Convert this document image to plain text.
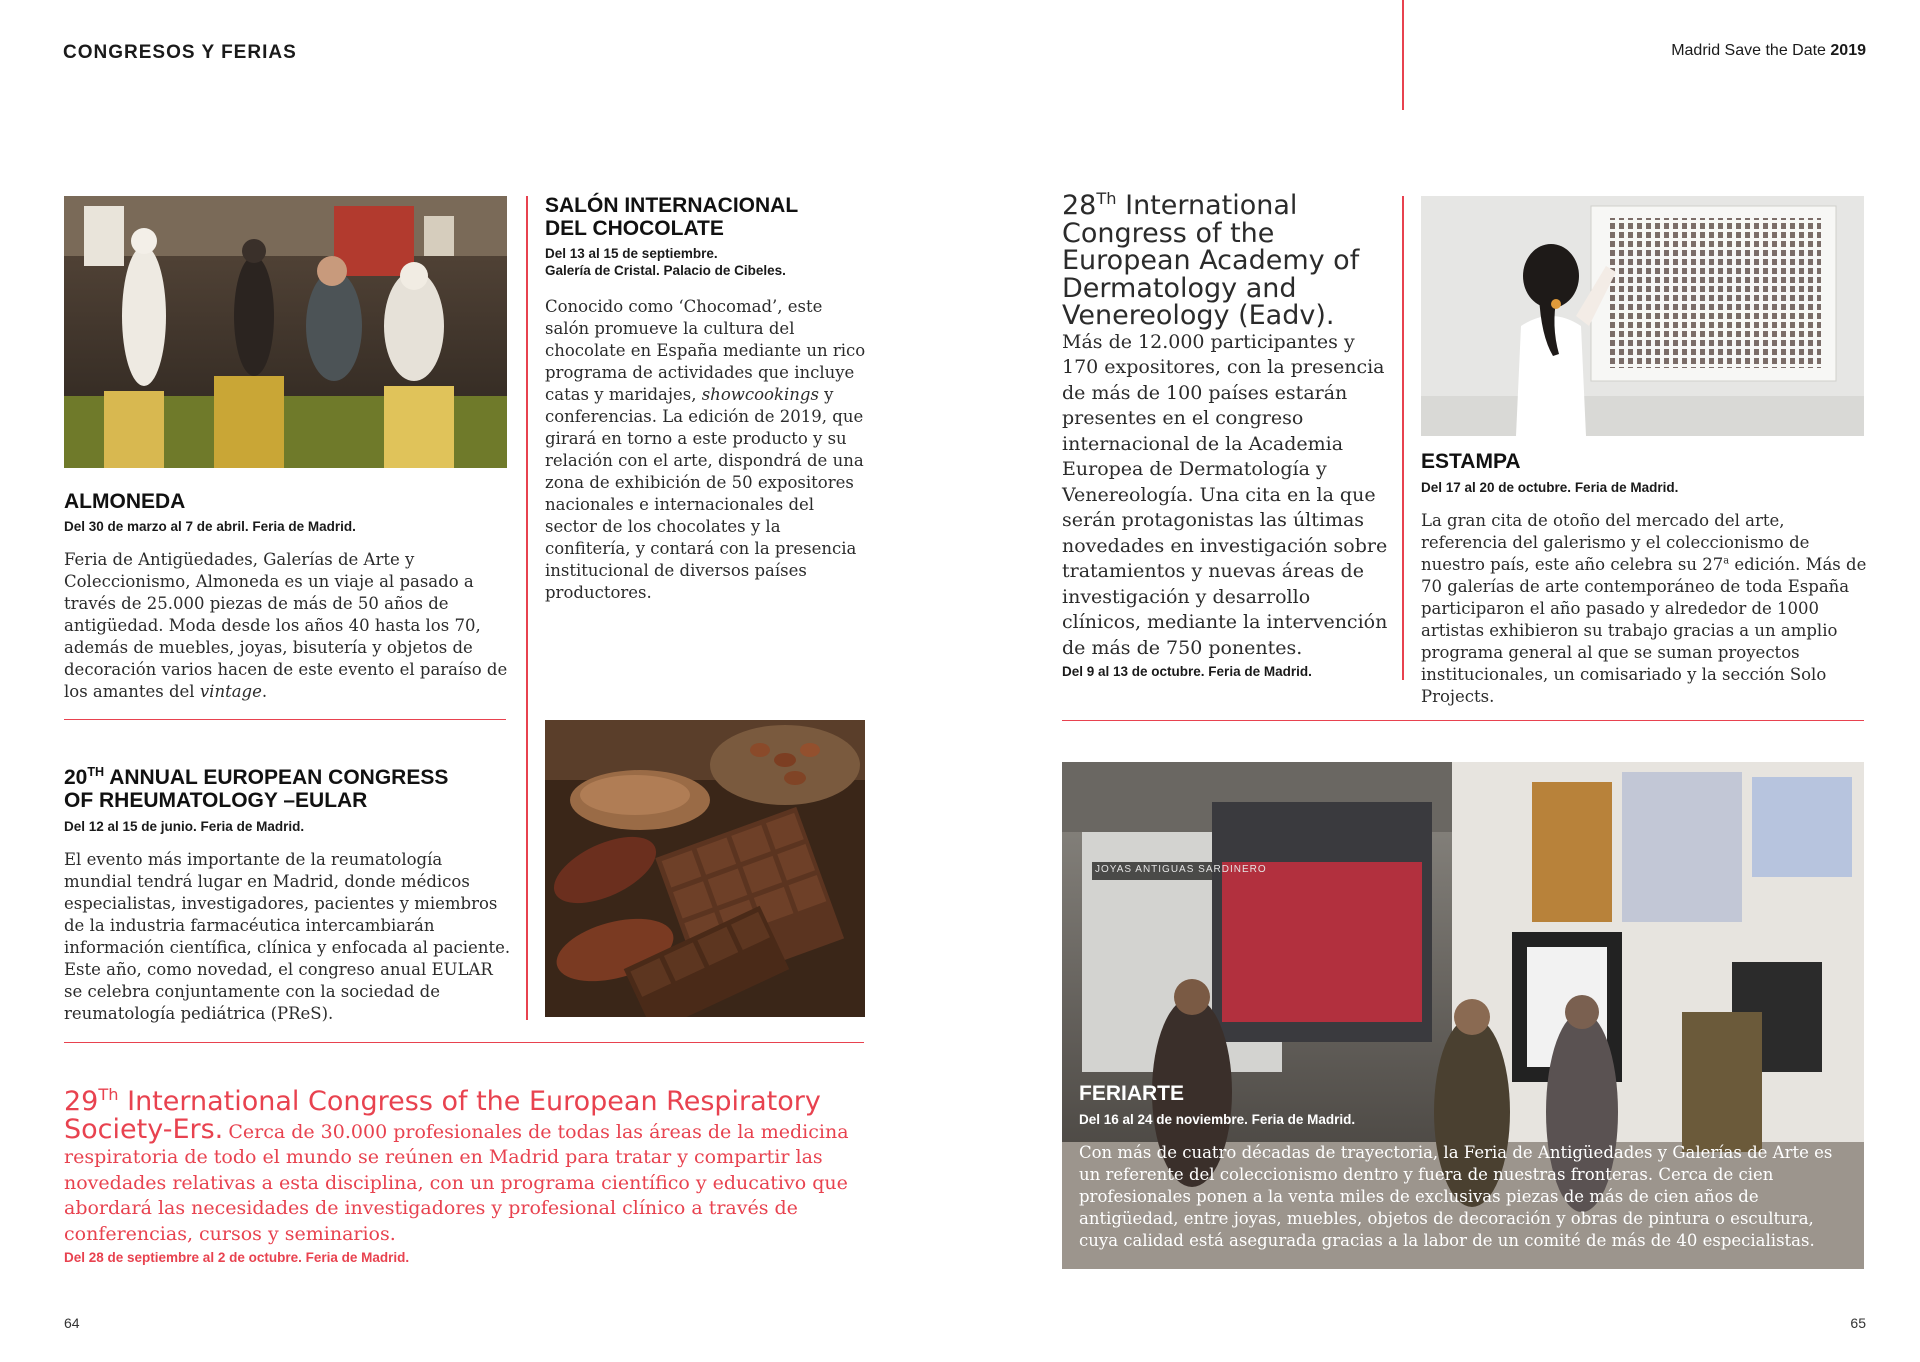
CONGRESOS Y FERIAS	Madrid Save the Date 2019
ALMONEDA
Del 30 de marzo al 7 de abril. Feria de Madrid.
Feria de Antigüedades, Galerías de Arte y Coleccionismo, Almoneda es un viaje al pasado a través de 25.000 piezas de más de 50 años de antigüedad. Moda desde los años 40 hasta los 70, además de muebles, joyas, bisutería y objetos de decoración varios hacen de este evento el paraíso de los amantes del vintage.
SALÓN INTERNACIONAL
DEL CHOCOLATE
Del 13 al 15 de septiembre.
Galería de Cristal. Palacio de Cibeles.
Conocido como ‘Chocomad’, este salón promueve la cultura del chocolate en España mediante un rico programa de actividades que incluye catas y maridajes, showcookings y conferencias. La edición de 2019, que girará en torno a este producto y su relación con el arte, dispondrá de una zona de exhibición de 50 expositores nacionales e internacionales del sector de los chocolates y la confitería, y contará con la presencia institucional de diversos países productores.
20TH ANNUAL EUROPEAN CONGRESS
OF RHEUMATOLOGY –EULAR
Del 12 al 15 de junio. Feria de Madrid.
El evento más importante de la reumatología mundial tendrá lugar en Madrid, donde médicos especialistas, investigadores, pacientes y miembros de la industria farmacéutica intercambiarán información científica, clínica y enfocada al paciente. Este año, como novedad, el congreso anual EULAR se celebra conjuntamente con la sociedad de reumatología pediátrica (PReS).
29Th International Congress of the European Respiratory Society-Ers. Cerca de 30.000 profesionales de todas las áreas de la medicina respiratoria de todo el mundo se reúnen en Madrid para tratar y compartir las novedades relativas a esta disciplina, con un programa científico y educativo que abordará las necesidades de investigadores y profesional clínico a través de conferencias, cursos y seminarios.
Del 28 de septiembre al 2 de octubre. Feria de Madrid.
28Th International Congress of the European Academy of Dermatology and Venereology (Eadv).
Más de 12.000 participantes y 170 expositores, con la presencia de más de 100 países estarán presentes en el congreso internacional de la Academia Europea de Dermatología y Venereología. Una cita en la que serán protagonistas las últimas novedades en investigación sobre tratamientos y nuevas áreas de investigación y desarrollo clínicos, mediante la intervención de más de 750 ponentes.
Del 9 al 13 de octubre. Feria de Madrid.
ESTAMPA
Del 17 al 20 de octubre. Feria de Madrid.
La gran cita de otoño del mercado del arte, referencia del galerismo y el coleccionismo de nuestro país, este año celebra su 27$^a$ edición. Más de 70 galerías de arte contemporáneo de toda España participaron el año pasado y alrededor de 1000 artistas exhibieron su trabajo gracias a un amplio programa general al que se suman proyectos institucionales, un comisariado y la sección Solo Projects.
JOYAS ANTIGUAS SARDINERO
FERIARTE
Del 16 al 24 de noviembre. Feria de Madrid.
Con más de cuatro décadas de trayectoria, la Feria de Antigüedades y Galerías de Arte es un referente del coleccionismo dentro y fuera de nuestras fronteras. Cerca de cien profesionales ponen a la venta miles de exclusivas piezas de más de cien años de antigüedad, entre joyas, muebles, objetos de decoración y obras de pintura o escultura, cuya calidad está asegurada gracias a la labor de un comité de más de 40 especialistas.
64	65
